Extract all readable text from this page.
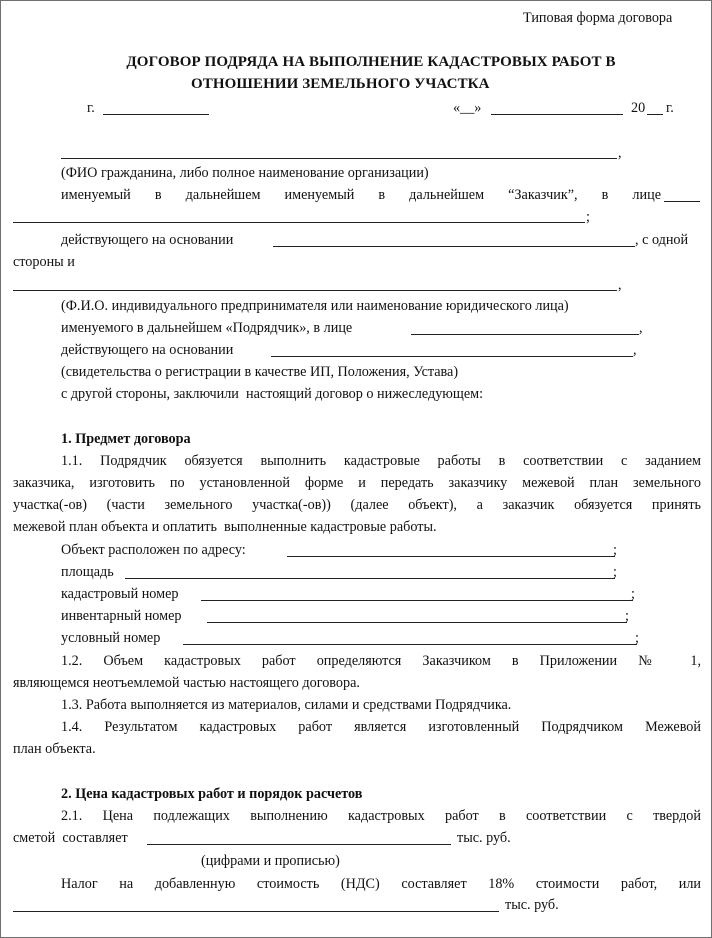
Типовая форма договора
ДОГОВОР ПОДРЯДА НА ВЫПОЛНЕНИЕ КАДАСТРОВЫХ РАБОТ В
ОТНОШЕНИИ ЗЕМЕЛЬНОГО УЧАСТКА
г.	«__»	20 г.
,
(ФИО гражданина, либо полное наименование организации)
именуемый в дальнейшем именуемый в дальнейшем “Заказчик”, в лице
;
действующего на основании	, с одной
стороны и
,
(Ф.И.О. индивидуального предпринимателя или наименование юридического лица)
именуемого в дальнейшем «Подрядчик», в лице	,
действующего на основании	,
(свидетельства о регистрации в качестве ИП, Положения, Устава)
с другой стороны, заключили  настоящий договор о нижеследующем:
1. Предмет договора
1.1. Подрядчик обязуется выполнить кадастровые работы в соответствии с заданием
заказчика, изготовить по установленной форме и передать заказчику межевой план земельного
участка(-ов) (части земельного участка(-ов)) (далее объект), а заказчик обязуется принять
межевой план объекта и оплатить  выполненные кадастровые работы.
Объект расположен по адресу:	;
площадь	;
кадастровый номер	;
инвентарный номер	;
условный номер	;
1.2. Объем кадастровых работ определяются Заказчиком в Приложении № 1,
являющемся неотъемлемой частью настоящего договора.
1.3. Работа выполняется из материалов, силами и средствами Подрядчика.
1.4. Результатом кадастровых работ является изготовленный Подрядчиком Межевой
план объекта.
2. Цена кадастровых работ и порядок расчетов
2.1. Цена подлежащих выполнению кадастровых работ в соответствии с твердой
сметой  составляет	тыс. руб.
(цифрами и прописью)
Налог на добавленную стоимость (НДС) составляет 18% стоимости работ, или
тыс. руб.
